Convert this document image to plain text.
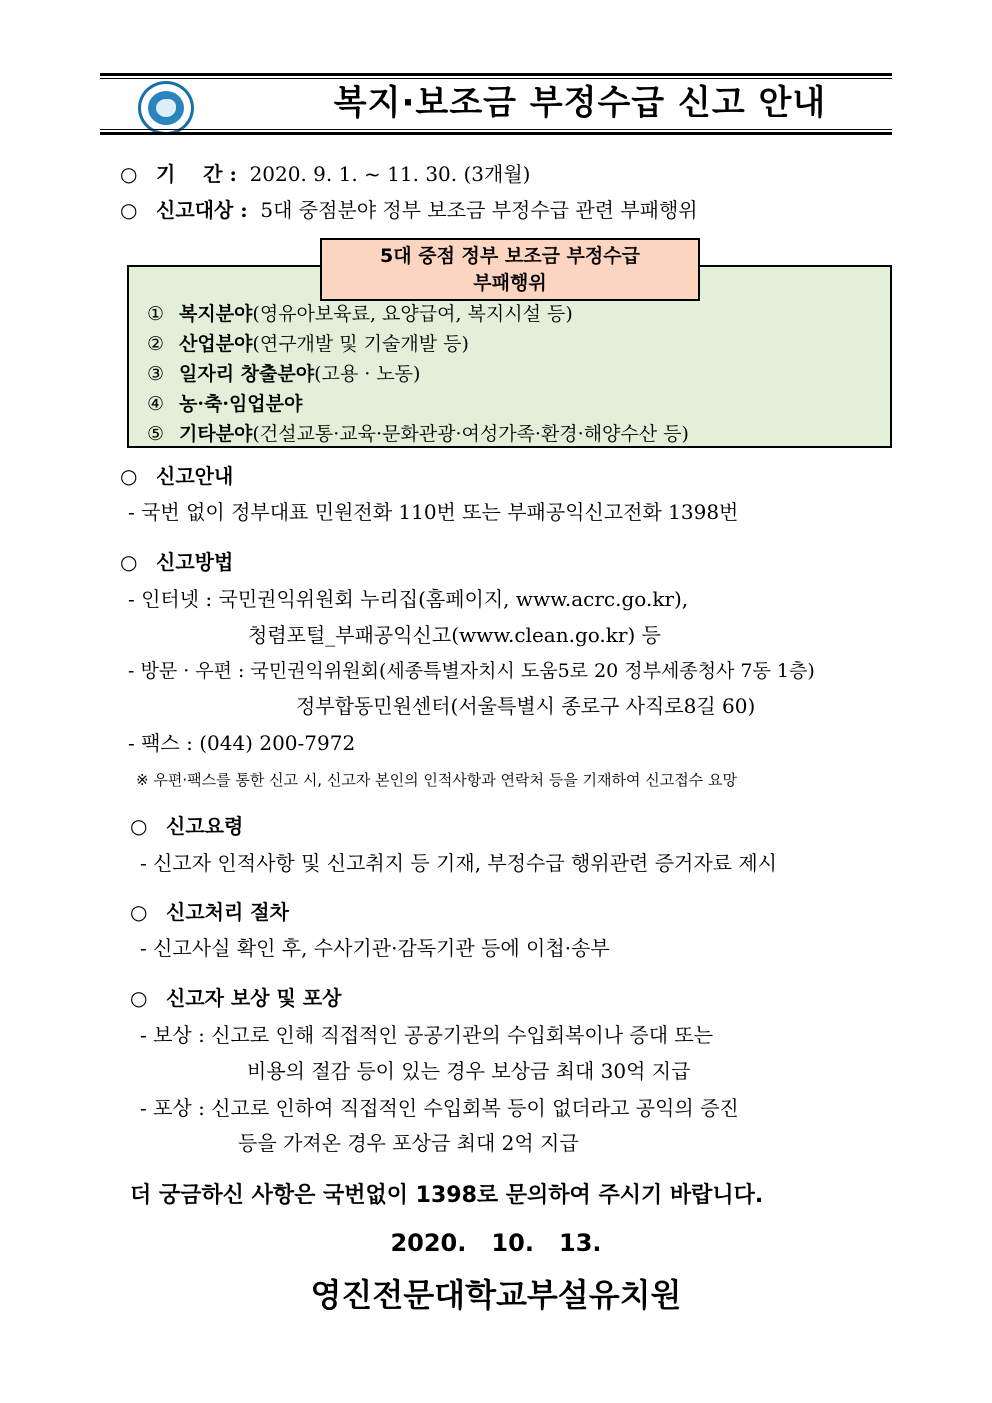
복지·보조금 부정수급 신고 안내
○ 기    간 : 2020. 9. 1. ~ 11. 30. (3개월)
○ 신고대상 : 5대 중점분야 정부 보조금 부정수급 관련 부패행위
5대 중점 정부 보조금 부정수급
부패행위
① 복지분야(영유아보육료, 요양급여, 복지시설 등)
② 산업분야(연구개발 및 기술개발 등)
③ 일자리 창출분야(고용 · 노동)
④ 농·축·임업분야
⑤ 기타분야(건설교통·교육·문화관광·여성가족·환경·해양수산 등)
○ 신고안내
- 국번 없이 정부대표 민원전화 110번 또는 부패공익신고전화 1398번
○ 신고방법
- 인터넷 : 국민권익위원회 누리집(홈페이지, www.acrc.go.kr),
청렴포털_부패공익신고(www.clean.go.kr) 등
- 방문 · 우편 : 국민권익위원회(세종특별자치시 도움5로 20 정부세종청사 7동 1층)
정부합동민원센터(서울특별시 종로구 사직로8길 60)
- 팩스 : (044) 200-7972
※ 우편·팩스를 통한 신고 시, 신고자 본인의 인적사항과 연락처 등을 기재하여 신고접수 요망
○ 신고요령
- 신고자 인적사항 및 신고취지 등 기재, 부정수급 행위관련 증거자료 제시
○ 신고처리 절차
- 신고사실 확인 후, 수사기관·감독기관 등에 이첩·송부
○ 신고자 보상 및 포상
- 보상 : 신고로 인해 직접적인 공공기관의 수입회복이나 증대 또는
비용의 절감 등이 있는 경우 보상금 최대 30억 지급
- 포상 : 신고로 인하여 직접적인 수입회복 등이 없더라고 공익의 증진
등을 가져온 경우 포상금 최대 2억 지급
더 궁금하신 사항은 국번없이 1398로 문의하여 주시기 바랍니다.
2020.   10.   13.
영진전문대학교부설유치원
